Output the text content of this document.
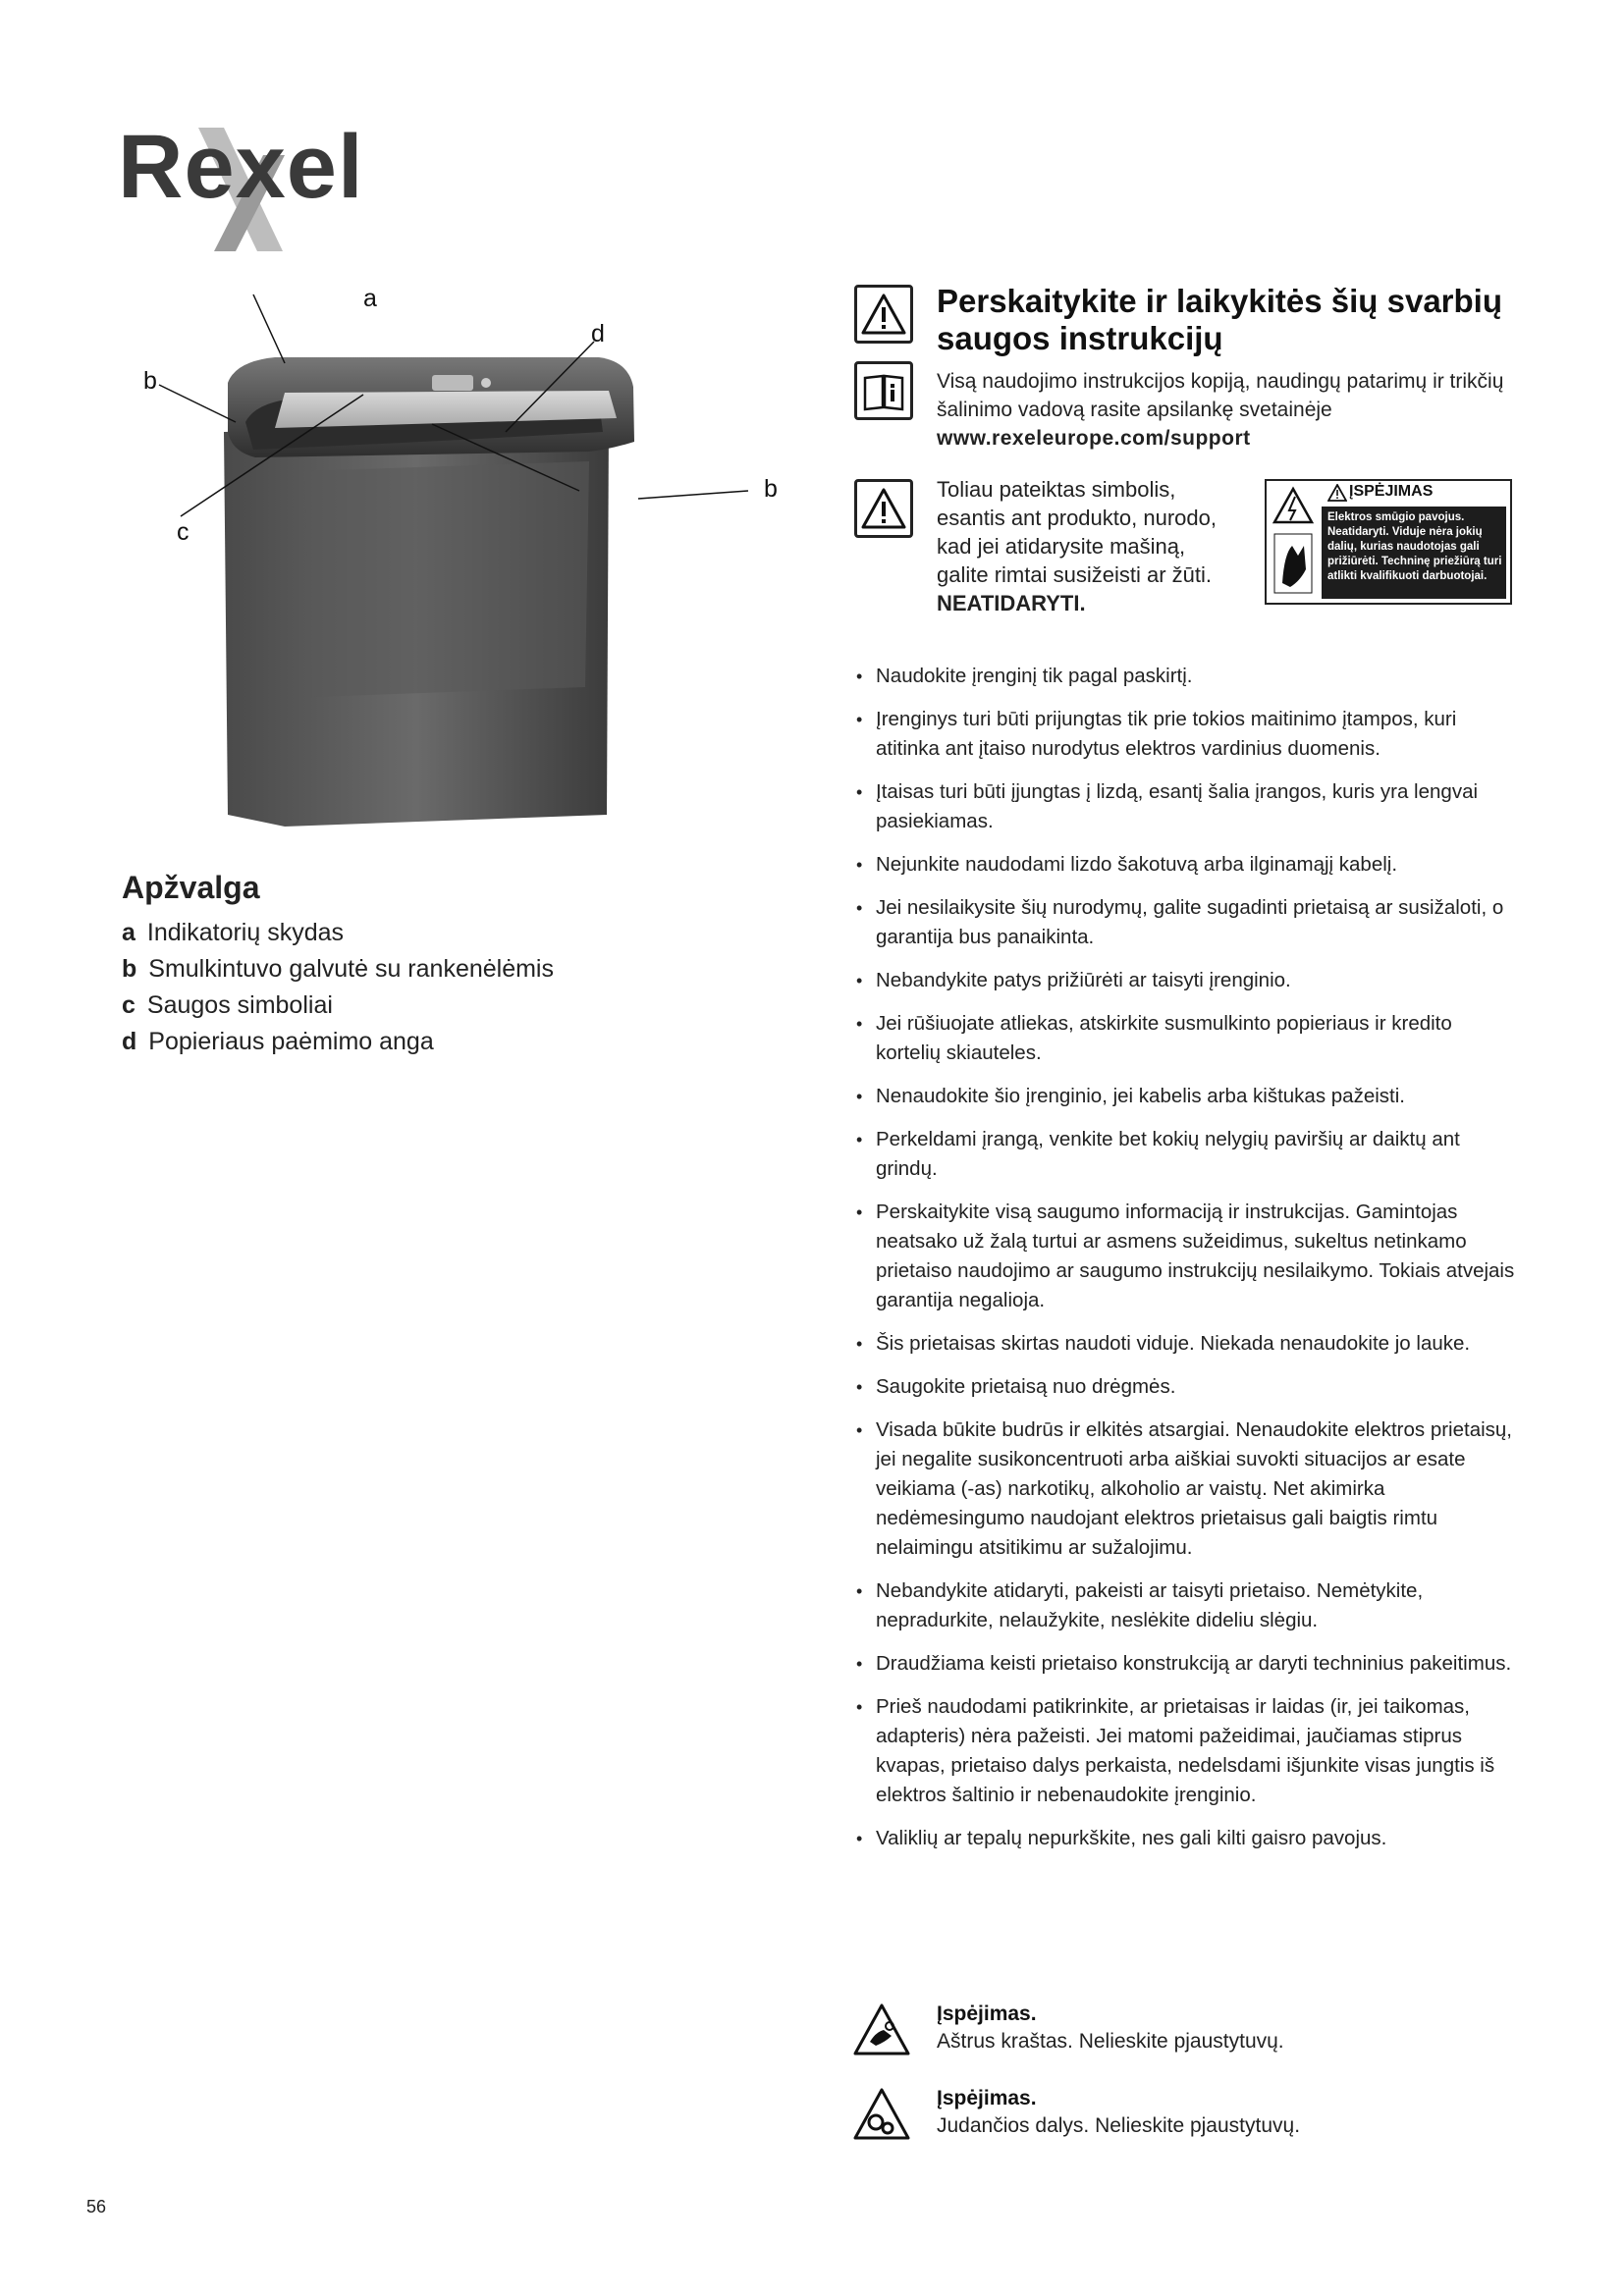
Rexel
a
b
d
b
c
Apžvalga
a Indikatorių skydas
b Smulkintuvo galvutė su rankenėlėmis
c Saugos simboliai
d Popieriaus paėmimo anga
Perskaitykite ir laikykitės šių svarbių saugos instrukcijų
Visą naudojimo instrukcijos kopiją, naudingų patarimų ir trikčių šalinimo vadovą rasite apsilankę svetainėje
www.rexeleurope.com/support
Toliau pateiktas simbolis, esantis ant produkto, nurodo, kad jei atidarysite mašiną, galite rimtai susižeisti ar žūti.
NEATIDARYTI.
ĮSPĖJIMAS
Elektros smūgio pavojus. Neatidaryti. Viduje nėra jokių dalių, kurias naudotojas gali prižiūrėti. Techninę priežiūrą turi atlikti kvalifikuoti darbuotojai.
• Naudokite įrenginį tik pagal paskirtį.
• Įrenginys turi būti prijungtas tik prie tokios maitinimo įtampos, kuri atitinka ant įtaiso nurodytus elektros vardinius duomenis.
• Įtaisas turi būti įjungtas į lizdą, esantį šalia įrangos, kuris yra lengvai pasiekiamas.
• Nejunkite naudodami lizdo šakotuvą arba ilginamąjį kabelį.
• Jei nesilaikysite šių nurodymų, galite sugadinti prietaisą ar susižaloti, o garantija bus panaikinta.
• Nebandykite patys prižiūrėti ar taisyti įrenginio.
• Jei rūšiuojate atliekas, atskirkite susmulkinto popieriaus ir kredito kortelių skiauteles.
• Nenaudokite šio įrenginio, jei kabelis arba kištukas pažeisti.
• Perkeldami įrangą, venkite bet kokių nelygių paviršių ar daiktų ant grindų.
• Perskaitykite visą saugumo informaciją ir instrukcijas. Gamintojas neatsako už žalą turtui ar asmens sužeidimus, sukeltus netinkamo prietaiso naudojimo ar saugumo instrukcijų nesilaikymo. Tokiais atvejais garantija negalioja.
• Šis prietaisas skirtas naudoti viduje. Niekada nenaudokite jo lauke.
• Saugokite prietaisą nuo drėgmės.
• Visada būkite budrūs ir elkitės atsargiai. Nenaudokite elektros prietaisų, jei negalite susikoncentruoti arba aiškiai suvokti situacijos ar esate veikiama (-as) narkotikų, alkoholio ar vaistų. Net akimirka nedėmesingumo naudojant elektros prietaisus gali baigtis rimtu nelaimingu atsitikimu ar sužalojimu.
• Nebandykite atidaryti, pakeisti ar taisyti prietaiso. Nemėtykite, nepradurkite, nelaužykite, neslėkite dideliu slėgiu.
• Draudžiama keisti prietaiso konstrukciją ar daryti techninius pakeitimus.
• Prieš naudodami patikrinkite, ar prietaisas ir laidas (ir, jei taikomas, adapteris) nėra pažeisti. Jei matomi pažeidimai, jaučiamas stiprus kvapas, prietaiso dalys perkaista, nedelsdami išjunkite visas jungtis iš elektros šaltinio ir nebenaudokite įrenginio.
• Valiklių ar tepalų nepurkškite, nes gali kilti gaisro pavojus.
Įspėjimas.
Aštrus kraštas. Nelieskite pjaustytuvų.
Įspėjimas.
Judančios dalys. Nelieskite pjaustytuvų.
56
